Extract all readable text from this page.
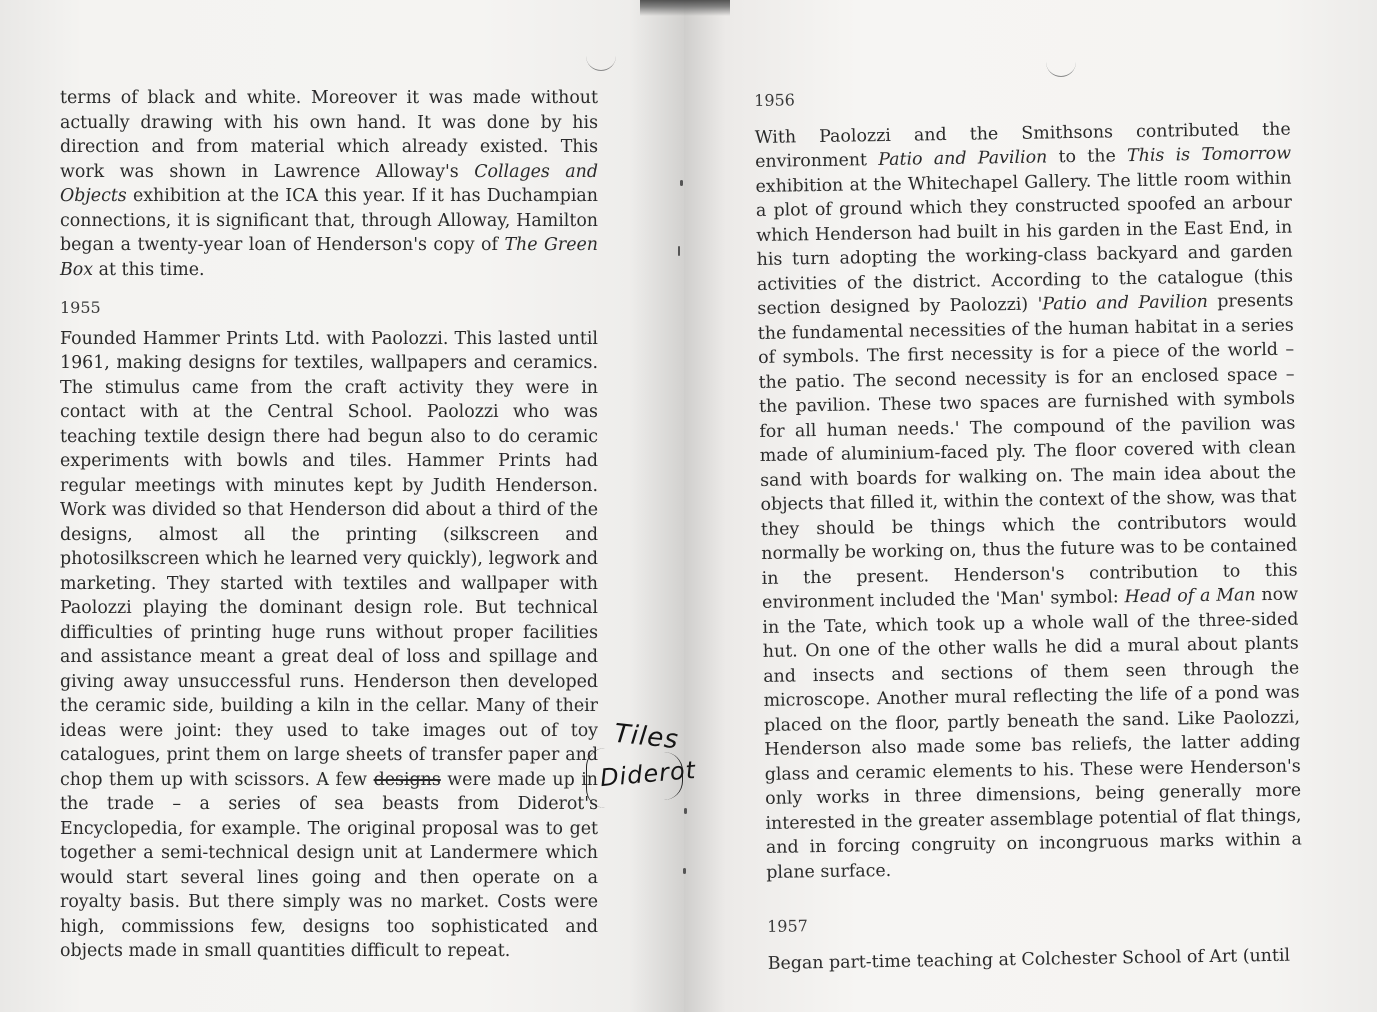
terms of black and white. Moreover it was made without actually drawing with his own hand. It was done by his direction and from material which already existed. This work was shown in Lawrence Alloway's Collages and Objects exhibition at the ICA this year. If it has Duchampian connections, it is significant that, through Alloway, Hamilton began a twenty-year loan of Henderson's copy of The Green Box at this time.

1955

Founded Hammer Prints Ltd. with Paolozzi. This lasted until 1961, making designs for textiles, wallpapers and ceramics. The stimulus came from the craft activity they were in contact with at the Central School. Paolozzi who was teaching textile design there had begun also to do ceramic experiments with bowls and tiles. Hammer Prints had regular meetings with minutes kept by Judith Henderson. Work was divided so that Henderson did about a third of the designs, almost all the printing (silkscreen and photosilkscreen which he learned very quickly), legwork and marketing. They started with textiles and wallpaper with Paolozzi playing the dominant design role. But technical difficulties of printing huge runs without proper facilities and assistance meant a great deal of loss and spillage and giving away unsuccessful runs. Henderson then developed the ceramic side, building a kiln in the cellar. Many of their ideas were joint: they used to take images out of toy catalogues, print them on large sheets of transfer paper and chop them up with scissors. A few designs were made up in the trade – a series of sea beasts from Diderot's Encyclopedia, for example. The original proposal was to get together a semi-technical design unit at Landermere which would start several lines going and then operate on a royalty basis. But there simply was no market. Costs were high, commissions few, designs too sophisticated and objects made in small quantities difficult to repeat.

Tiles
Diderot

1956

With Paolozzi and the Smithsons contributed the environment Patio and Pavilion to the This is Tomorrow exhibition at the Whitechapel Gallery. The little room within a plot of ground which they constructed spoofed an arbour which Henderson had built in his garden in the East End, in his turn adopting the working-class backyard and garden activities of the district. According to the catalogue (this section designed by Paolozzi) 'Patio and Pavilion presents the fundamental necessities of the human habitat in a series of symbols. The first necessity is for a piece of the world – the patio. The second necessity is for an enclosed space – the pavilion. These two spaces are furnished with symbols for all human needs.' The compound of the pavilion was made of aluminium-faced ply. The floor covered with clean sand with boards for walking on. The main idea about the objects that filled it, within the context of the show, was that they should be things which the contributors would normally be working on, thus the future was to be contained in the present. Henderson's contribution to this environment included the 'Man' symbol: Head of a Man now in the Tate, which took up a whole wall of the three-sided hut. On one of the other walls he did a mural about plants and insects and sections of them seen through the microscope. Another mural reflecting the life of a pond was placed on the floor, partly beneath the sand. Like Paolozzi, Henderson also made some bas reliefs, the latter adding glass and ceramic elements to his. These were Henderson's only works in three dimensions, being generally more interested in the greater assemblage potential of flat things, and in forcing congruity on incongruous marks within a plane surface.

1957

Began part-time teaching at Colchester School of Art (until
